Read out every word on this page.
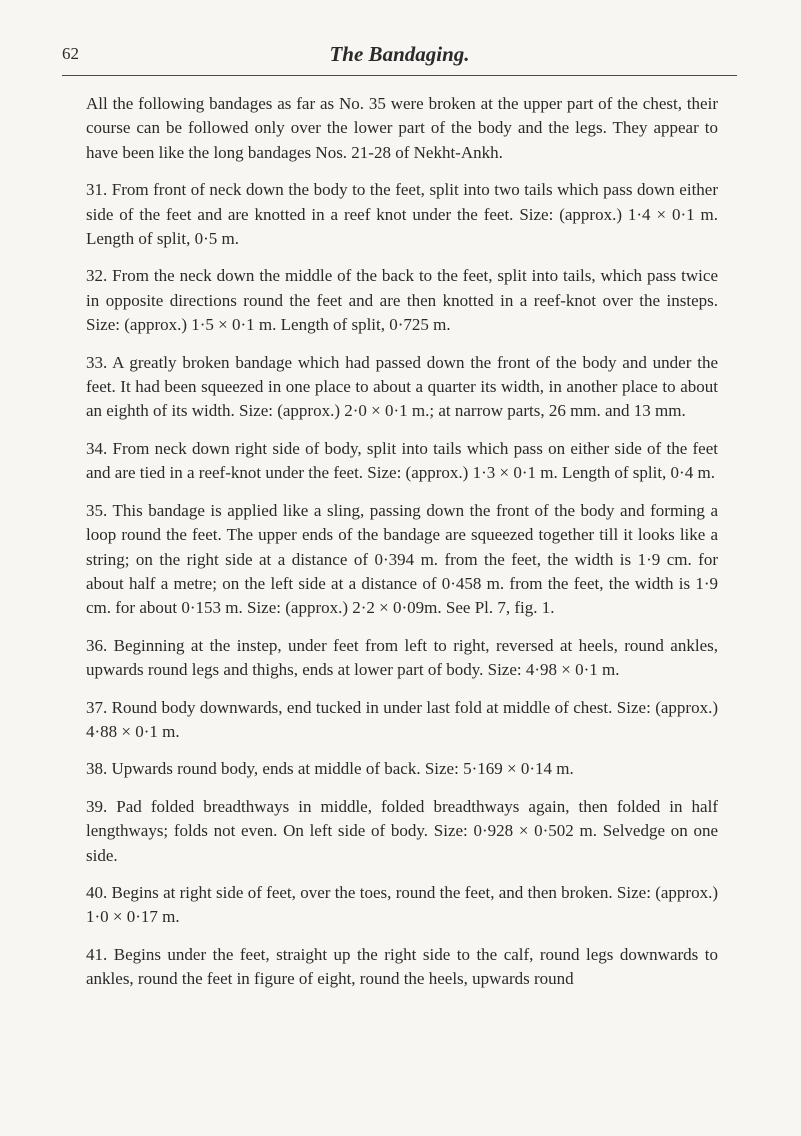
62	The Bandaging.

All the following bandages as far as No. 35 were broken at the upper part of the chest, their course can be followed only over the lower part of the body and the legs. They appear to have been like the long bandages Nos. 21-28 of Nekht-Ankh.

31. From front of neck down the body to the feet, split into two tails which pass down either side of the feet and are knotted in a reef knot under the feet. Size: (approx.) 1·4 × 0·1 m. Length of split, 0·5 m.

32. From the neck down the middle of the back to the feet, split into tails, which pass twice in opposite directions round the feet and are then knotted in a reef-knot over the insteps. Size: (approx.) 1·5 × 0·1 m. Length of split, 0·725 m.

33. A greatly broken bandage which had passed down the front of the body and under the feet. It had been squeezed in one place to about a quarter its width, in another place to about an eighth of its width. Size: (approx.) 2·0 × 0·1 m.; at narrow parts, 26 mm. and 13 mm.

34. From neck down right side of body, split into tails which pass on either side of the feet and are tied in a reef-knot under the feet. Size: (approx.) 1·3 × 0·1 m. Length of split, 0·4 m.

35. This bandage is applied like a sling, passing down the front of the body and forming a loop round the feet. The upper ends of the bandage are squeezed together till it looks like a string; on the right side at a distance of 0·394 m. from the feet, the width is 1·9 cm. for about half a metre; on the left side at a distance of 0·458 m. from the feet, the width is 1·9 cm. for about 0·153 m. Size: (approx.) 2·2 × 0·09m. See Pl. 7, fig. 1.

36. Beginning at the instep, under feet from left to right, reversed at heels, round ankles, upwards round legs and thighs, ends at lower part of body. Size: 4·98 × 0·1 m.

37. Round body downwards, end tucked in under last fold at middle of chest. Size: (approx.) 4·88 × 0·1 m.

38. Upwards round body, ends at middle of back. Size: 5·169 × 0·14 m.

39. Pad folded breadthways in middle, folded breadthways again, then folded in half lengthways; folds not even. On left side of body. Size: 0·928 × 0·502 m. Selvedge on one side.

40. Begins at right side of feet, over the toes, round the feet, and then broken. Size: (approx.) 1·0 × 0·17 m.

41. Begins under the feet, straight up the right side to the calf, round legs downwards to ankles, round the feet in figure of eight, round the heels, upwards round
